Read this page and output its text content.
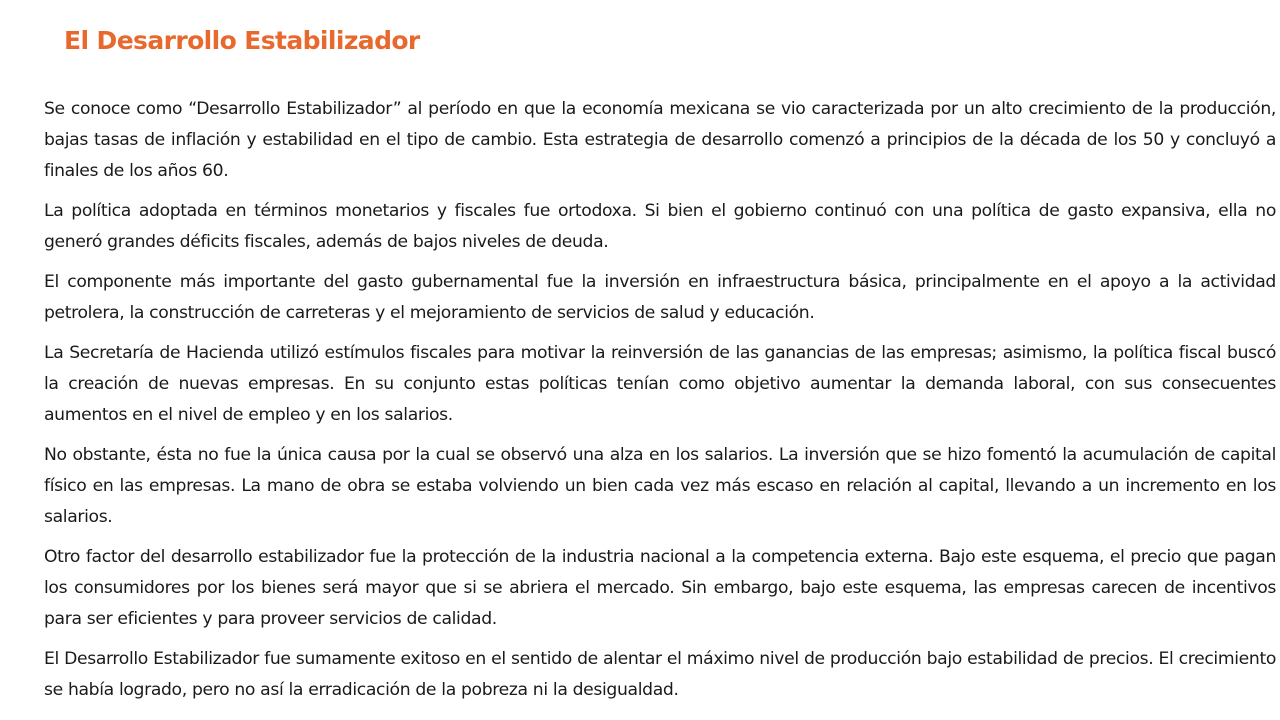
El Desarrollo Estabilizador

Se conoce como “Desarrollo Estabilizador” al período en que la economía mexicana se vio caracterizada por un alto crecimiento de la producción, bajas tasas de inflación y estabilidad en el tipo de cambio. Esta estrategia de desarrollo comenzó a principios de la década de los 50 y concluyó a finales de los años 60.

La política adoptada en términos monetarios y fiscales fue ortodoxa. Si bien el gobierno continuó con una política de gasto expansiva, ella no generó grandes déficits fiscales, además de bajos niveles de deuda.

El componente más importante del gasto gubernamental fue la inversión en infraestructura básica, principalmente en el apoyo a la actividad petrolera, la construcción de carreteras y el mejoramiento de servicios de salud y educación.

La Secretaría de Hacienda utilizó estímulos fiscales para motivar la reinversión de las ganancias de las empresas; asimismo, la política fiscal buscó la creación de nuevas empresas. En su conjunto estas políticas tenían como objetivo aumentar la demanda laboral, con sus consecuentes aumentos en el nivel de empleo y en los salarios.

No obstante, ésta no fue la única causa por la cual se observó una alza en los salarios. La inversión que se hizo fomentó la acumulación de capital físico en las empresas. La mano de obra se estaba volviendo un bien cada vez más escaso en relación al capital, llevando a un incremento en los salarios.

Otro factor del desarrollo estabilizador fue la protección de la industria nacional a la competencia externa. Bajo este esquema, el precio que pagan los consumidores por los bienes será mayor que si se abriera el mercado. Sin embargo, bajo este esquema, las empresas carecen de incentivos para ser eficientes y para proveer servicios de calidad.

El Desarrollo Estabilizador fue sumamente exitoso en el sentido de alentar el máximo nivel de producción bajo estabilidad de precios. El crecimiento se había logrado, pero no así la erradicación de la pobreza ni la desigualdad.
